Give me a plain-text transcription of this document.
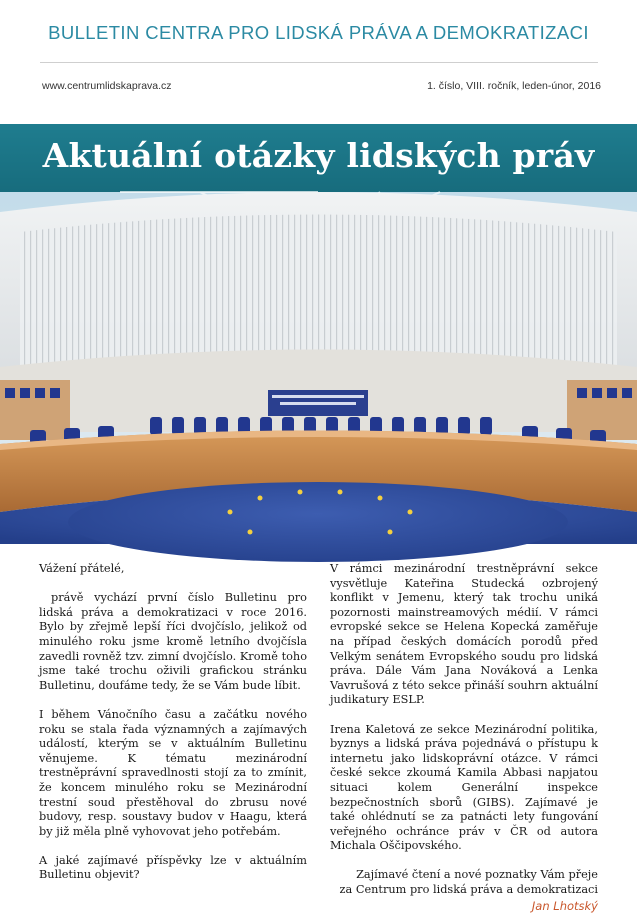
BULLETIN CENTRA PRO LIDSKÁ PRÁVA A DEMOKRATIZACI
www.centrumlidskaprava.cz	1. číslo, VIII. ročník, leden-únor, 2016
Aktuální otázky lidských práv
Vážení přátelé,

právě vychází první číslo Bulletinu pro lidská práva a demokratizaci v roce 2016. Bylo by zřejmě lepší říci dvojčíslo, jelikož od minulého roku jsme kromě letního dvojčísla zavedli rovněž tzv. zimní dvojčíslo. Kromě toho jsme také trochu oživili grafickou stránku Bulletinu, doufáme tedy, že se Vám bude líbit.

I během Vánočního času a začátku nového roku se stala řada významných a zajímavých událostí, kterým se v aktuálním Bulletinu věnujeme. K tématu mezinárodní trestněprávní spravedlnosti stojí za to zmínit, že koncem minulého roku se Mezinárodní trestní soud přestěhoval do zbrusu nové budovy, resp. soustavy budov v Haagu, která by již měla plně vyhovovat jeho potřebám.

A jaké zajímavé příspěvky lze v aktuálním Bulletinu objevit?

V rámci mezinárodní trestněprávní sekce vysvětluje Kateřina Studecká ozbrojený konflikt v Jemenu, který tak trochu uniká pozornosti mainstreamových médií. V rámci evropské sekce se Helena Kopecká zaměřuje na případ českých domácích porodů před Velkým senátem Evropského soudu pro lidská práva. Dále Vám Jana Nováková a Lenka Vavrušová z této sekce přináší souhrn aktuální judikatury ESLP.

Irena Kaletová ze sekce Mezinárodní politika, byznys a lidská práva pojednává o přístupu k internetu jako lidskoprávní otázce. V rámci české sekce zkoumá Kamila Abbasi napjatou situaci kolem Generální inspekce bezpečnostních sborů (GIBS). Zajímavé je také ohlédnutí se za patnácti lety fungování veřejného ochránce práv v ČR od autora Michala Oščipovského.

Zajímavé čtení a nové poznatky Vám přeje
za Centrum pro lidská práva a demokratizaci
Jan Lhotský
